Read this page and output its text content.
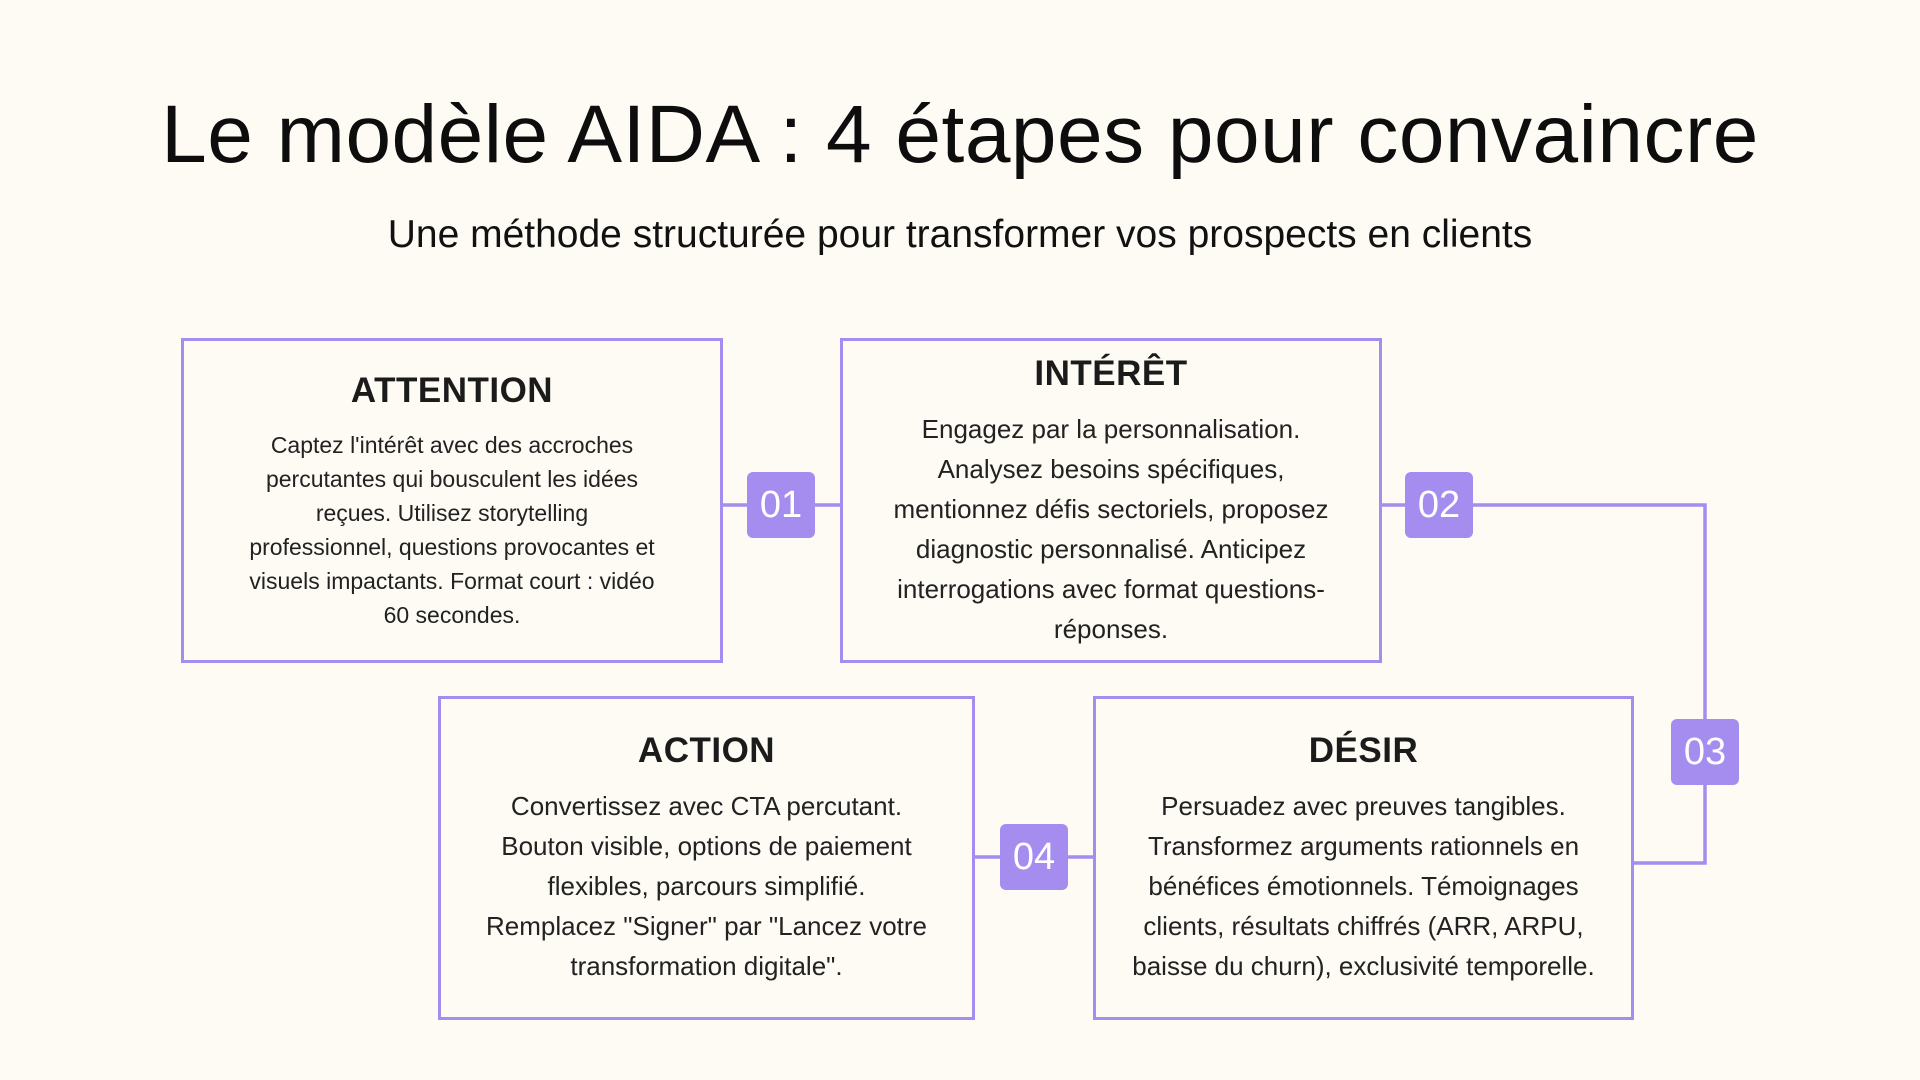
Le modèle AIDA : 4 étapes pour convaincre
Une méthode structurée pour transformer vos prospects en clients
ATTENTION
Captez l'intérêt avec des accroches percutantes qui bousculent les idées reçues. Utilisez storytelling professionnel, questions provocantes et visuels impactants. Format court : vidéo 60 secondes.
INTÉRÊT
Engagez par la personnalisation. Analysez besoins spécifiques, mentionnez défis sectoriels, proposez diagnostic personnalisé. Anticipez interrogations avec format questions-réponses.
ACTION
Convertissez avec CTA percutant. Bouton visible, options de paiement flexibles, parcours simplifié. Remplacez "Signer" par "Lancez votre transformation digitale".
DÉSIR
Persuadez avec preuves tangibles. Transformez arguments rationnels en bénéfices émotionnels. Témoignages clients, résultats chiffrés (ARR, ARPU, baisse du churn), exclusivité temporelle.
01	02
03
04
